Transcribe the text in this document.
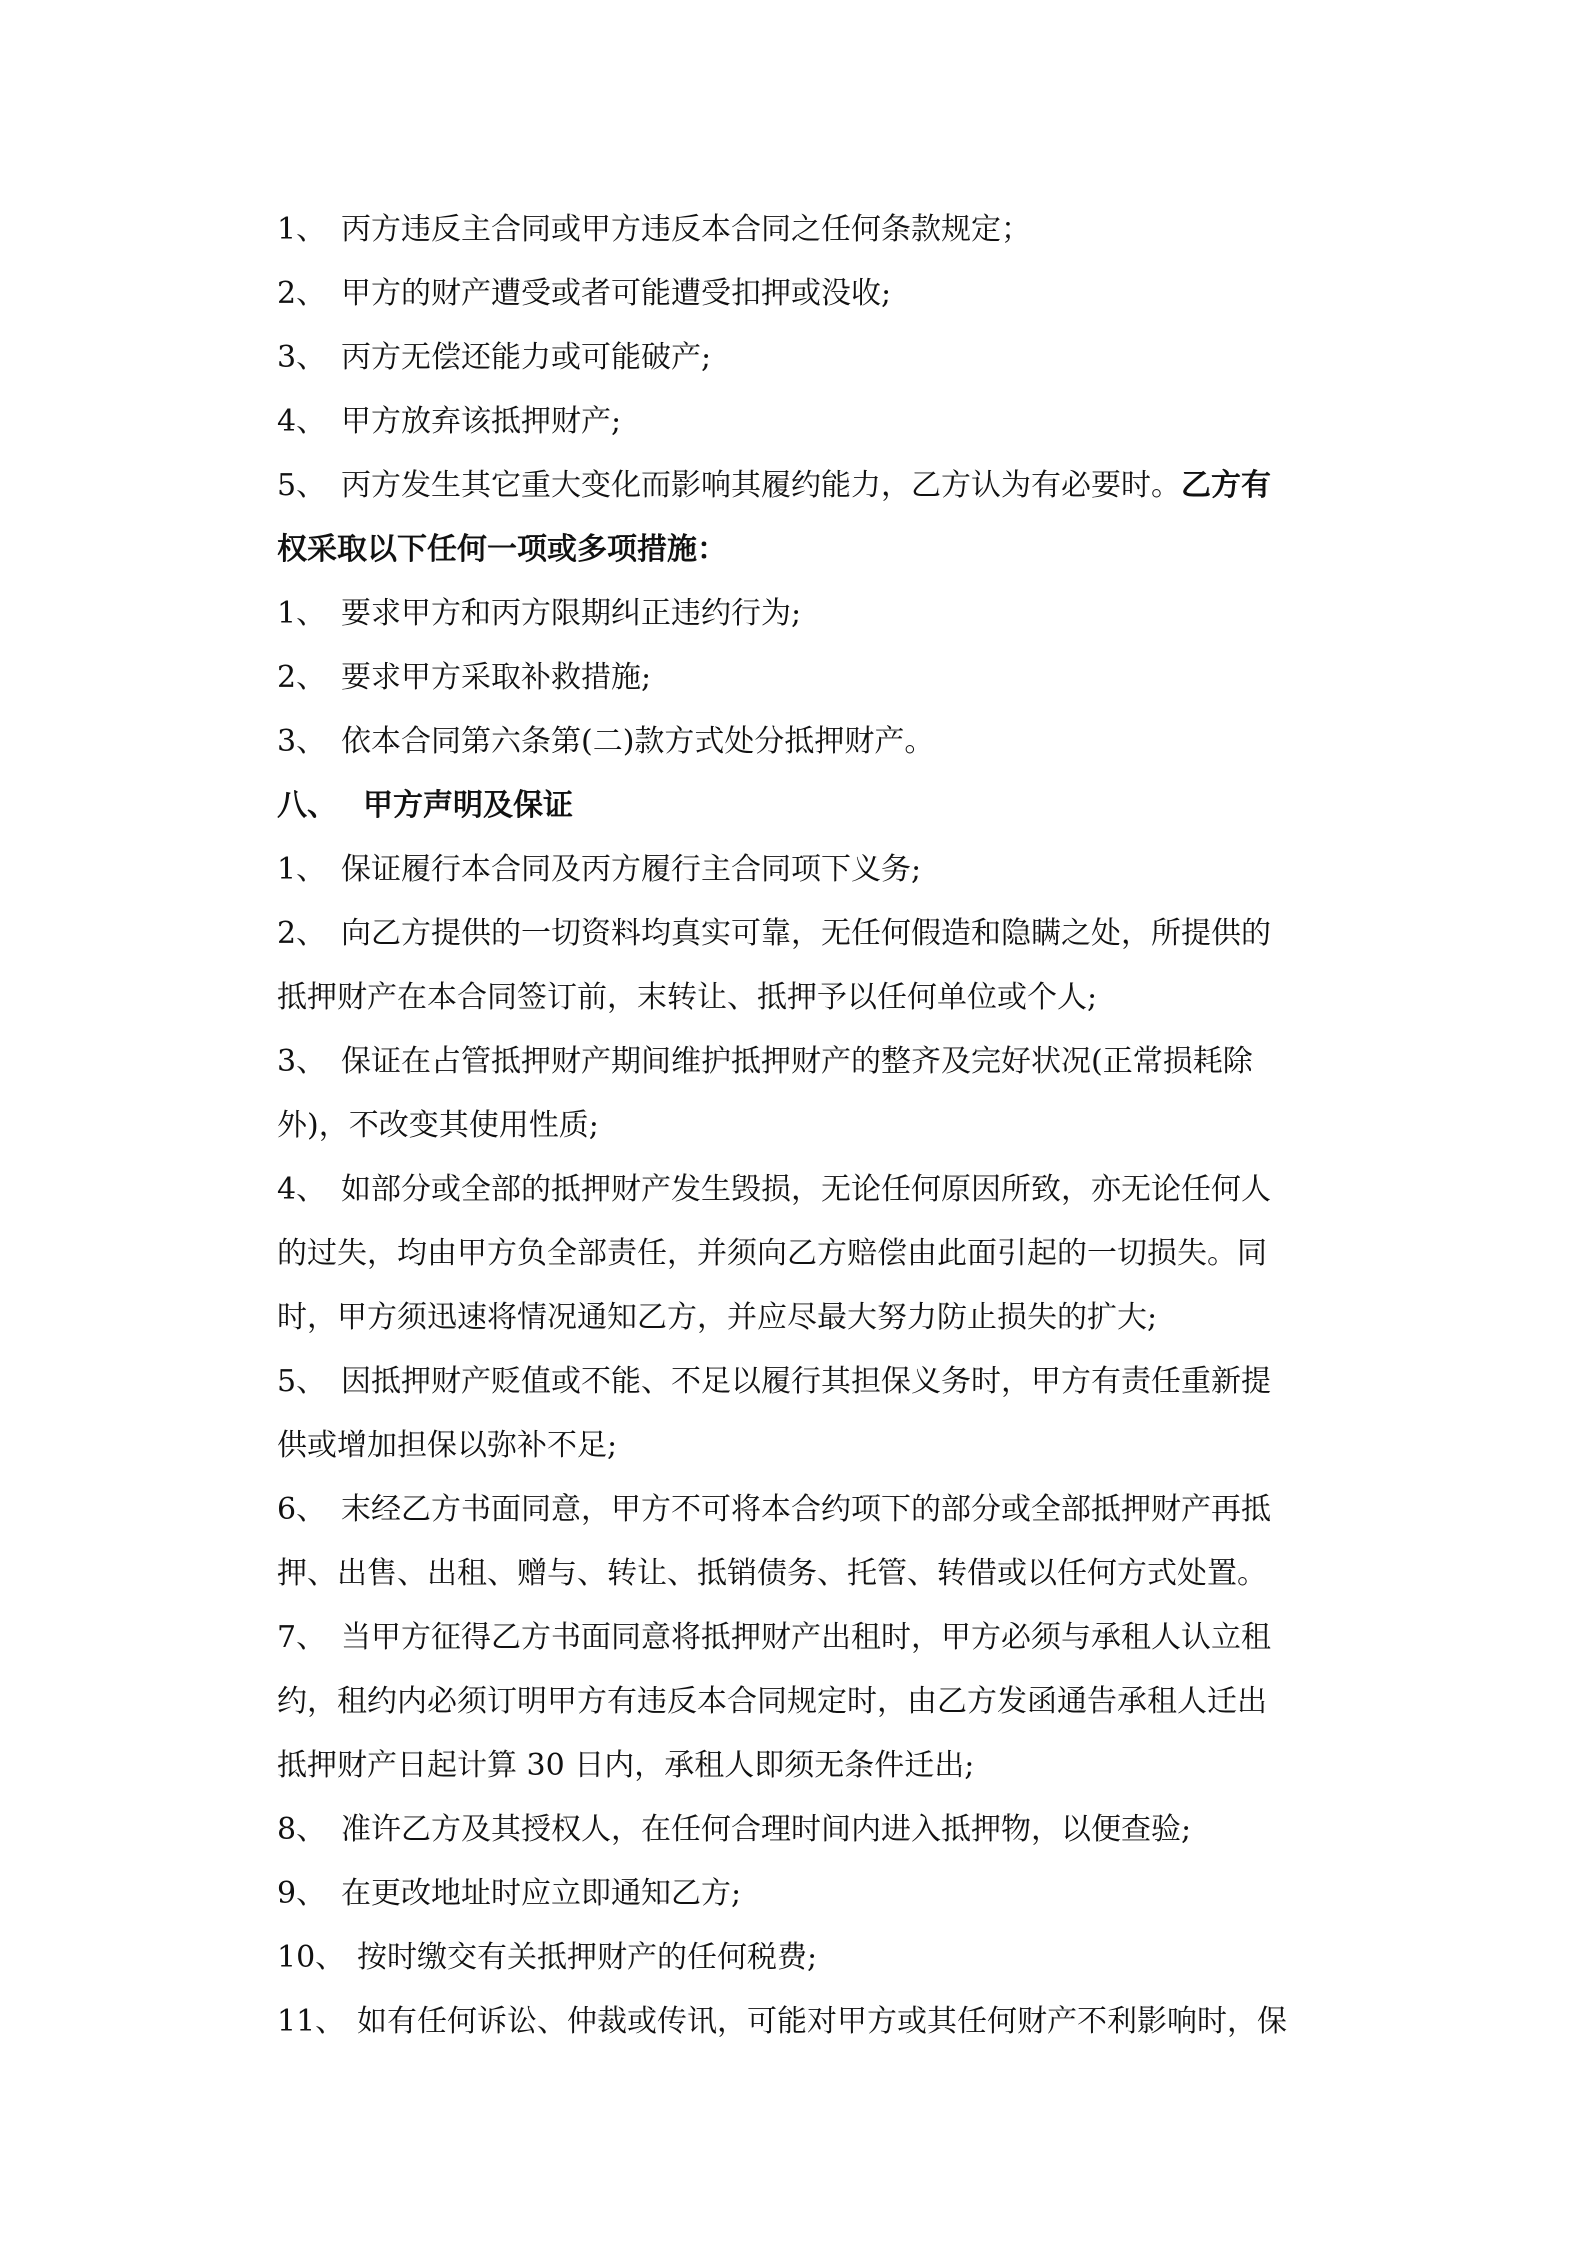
1、 丙方违反主合同或甲方违反本合同之任何条款规定；
2、 甲方的财产遭受或者可能遭受扣押或没收;
3、 丙方无偿还能力或可能破产;
4、 甲方放弃该抵押财产;
5、 丙方发生其它重大变化而影响其履约能力，乙方认为有必要时。乙方有
权采取以下任何一项或多项措施：
1、 要求甲方和丙方限期纠正违约行为;
2、 要求甲方采取补救措施;
3、 依本合同第六条第(二)款方式处分抵押财产。
八、 甲方声明及保证
1、 保证履行本合同及丙方履行主合同项下义务;
2、 向乙方提供的一切资料均真实可靠，无任何假造和隐瞒之处，所提供的
抵押财产在本合同签订前，末转让、抵押予以任何单位或个人;
3、 保证在占管抵押财产期间维护抵押财产的整齐及完好状况(正常损耗除
外)，不改变其使用性质;
4、 如部分或全部的抵押财产发生毁损，无论任何原因所致，亦无论任何人
的过失，均由甲方负全部责任，并须向乙方赔偿由此面引起的一切损失。同
时，甲方须迅速将情况通知乙方，并应尽最大努力防止损失的扩大;
5、 因抵押财产贬值或不能、不足以履行其担保义务时，甲方有责任重新提
供或增加担保以弥补不足;
6、 末经乙方书面同意，甲方不可将本合约项下的部分或全部抵押财产再抵
押、出售、出租、赠与、转让、抵销债务、托管、转借或以任何方式处置。
7、 当甲方征得乙方书面同意将抵押财产出租时，甲方必须与承租人认立租
约，租约内必须订明甲方有违反本合同规定时，由乙方发函通告承租人迁出
抵押财产日起计算 30 日内，承租人即须无条件迁出;
8、 准许乙方及其授权人，在任何合理时间内进入抵押物，以便查验;
9、 在更改地址时应立即通知乙方;
10、 按时缴交有关抵押财产的任何税费;
11、 如有任何诉讼、仲裁或传讯，可能对甲方或其任何财产不利影响时，保
